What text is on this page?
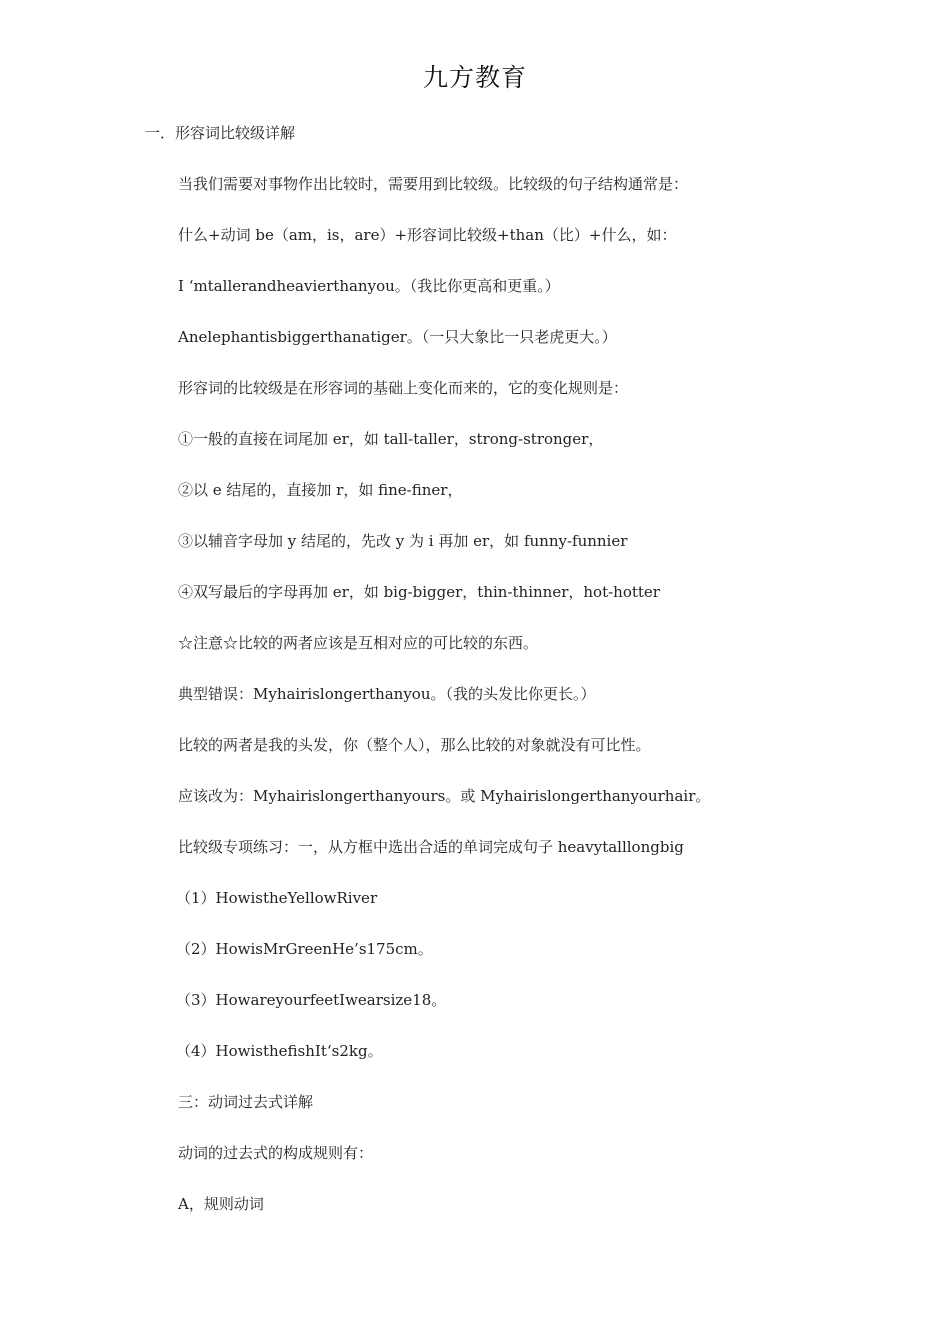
九方教育
一．形容词比较级详解
当我们需要对事物作出比较时，需要用到比较级。比较级的句子结构通常是：
什么+动词 be（am，is，are）+形容词比较级+than（比）+什么，如：
I ‘mtallerandheavierthanyou。（我比你更高和更重。）
Anelephantisbiggerthanatiger。（一只大象比一只老虎更大。）
形容词的比较级是在形容词的基础上变化而来的，它的变化规则是：
①一般的直接在词尾加 er，如 tall-taller，strong-stronger，
②以 e 结尾的，直接加 r，如 fine-finer，
③以辅音字母加 y 结尾的，先改 y 为 i 再加 er，如 funny-funnier
④双写最后的字母再加 er，如 big-bigger，thin-thinner，hot-hotter
☆注意☆比较的两者应该是互相对应的可比较的东西。
典型错误：Myhairislongerthanyou。（我的头发比你更长。）
比较的两者是我的头发，你（整个人），那么比较的对象就没有可比性。
应该改为：Myhairislongerthanyours。或 Myhairislongerthanyourhair。
比较级专项练习：一，从方框中选出合适的单词完成句子 heavytalllongbig
（1）HowistheYellowRiver
（2）HowisMrGreenHe’s175cm。
（3）HowareyourfeetIwearsize18。
（4）HowisthefishIt‘s2kg。
三：动词过去式详解
动词的过去式的构成规则有：
A，规则动词
